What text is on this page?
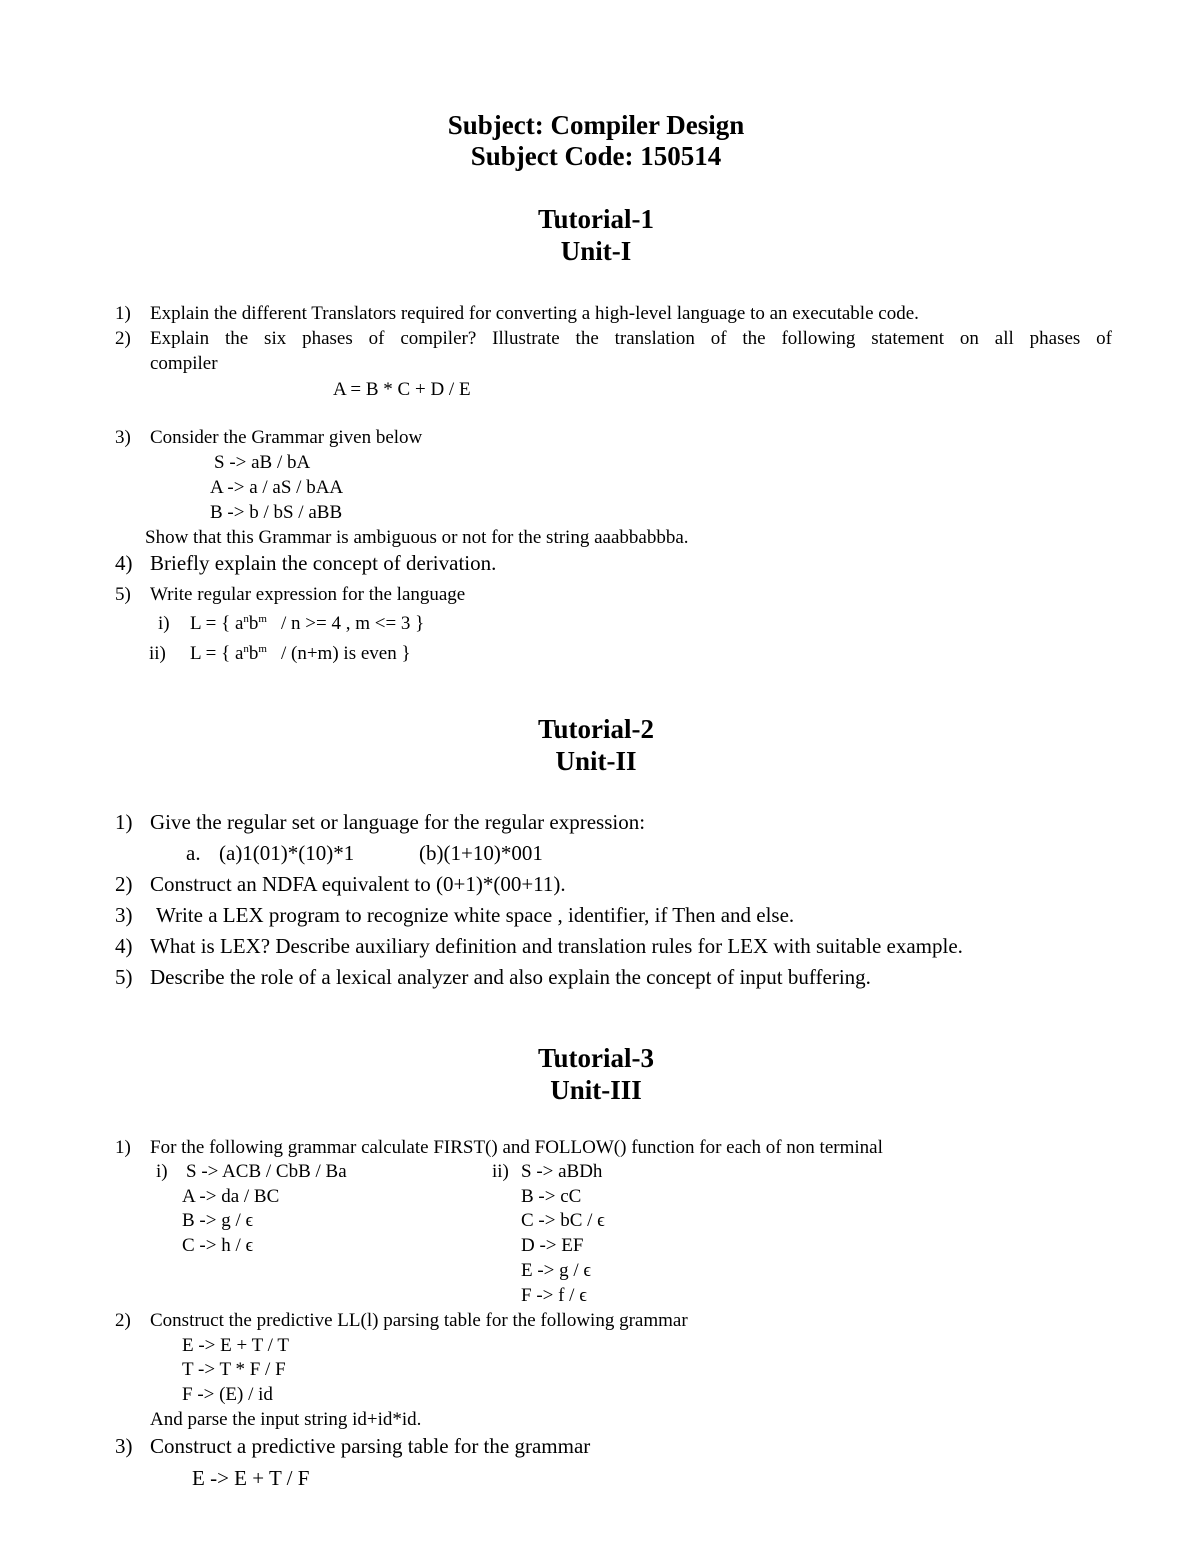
Subject: Compiler Design
Subject Code: 150514
Tutorial-1
Unit-I
1) Explain the different Translators required for converting a high-level language to an executable code.
2) Explain the six phases of compiler? Illustrate the translation of the following statement on all phases of
compiler
A = B * C + D / E
3) Consider the Grammar given below
S -> aB / bA
A -> a / aS / bAA
B -> b / bS / aBB
Show that this Grammar is ambiguous or not for the string aaabbabbba.
4) Briefly explain the concept of derivation.
5) Write regular expression for the language
i) L = { $a^nb^m / n >= 4$ , m <= 3 }
ii) L = { $a^nb^m / (n+m)$ is even }
Tutorial-2
Unit-II
1) Give the regular set or language for the regular expression:
a. (a)1(01)*(10)*1	(b)(1+10)*001
2) Construct an NDFA equivalent to (0+1)*(00+11).
3) Write a LEX program to recognize white space , identifier, if Then and else.
4) What is LEX? Describe auxiliary definition and translation rules for LEX with suitable example.
5) Describe the role of a lexical analyzer and also explain the concept of input buffering.
Tutorial-3
Unit-III
1) For the following grammar calculate FIRST() and FOLLOW() function for each of non terminal
i) S -> ACB / CbB / Ba
A -> da / BC
B -> g / ϵ
C -> h / ϵ
ii) S -> aBDh
B -> cC
C -> bC / ϵ
D -> EF
E -> g / ϵ
F -> f / ϵ
2) Construct the predictive LL(l) parsing table for the following grammar
E -> E + T / T
T -> T * F / F
F -> (E) / id
And parse the input string id+id*id.
3) Construct a predictive parsing table for the grammar
E -> E + T / F
